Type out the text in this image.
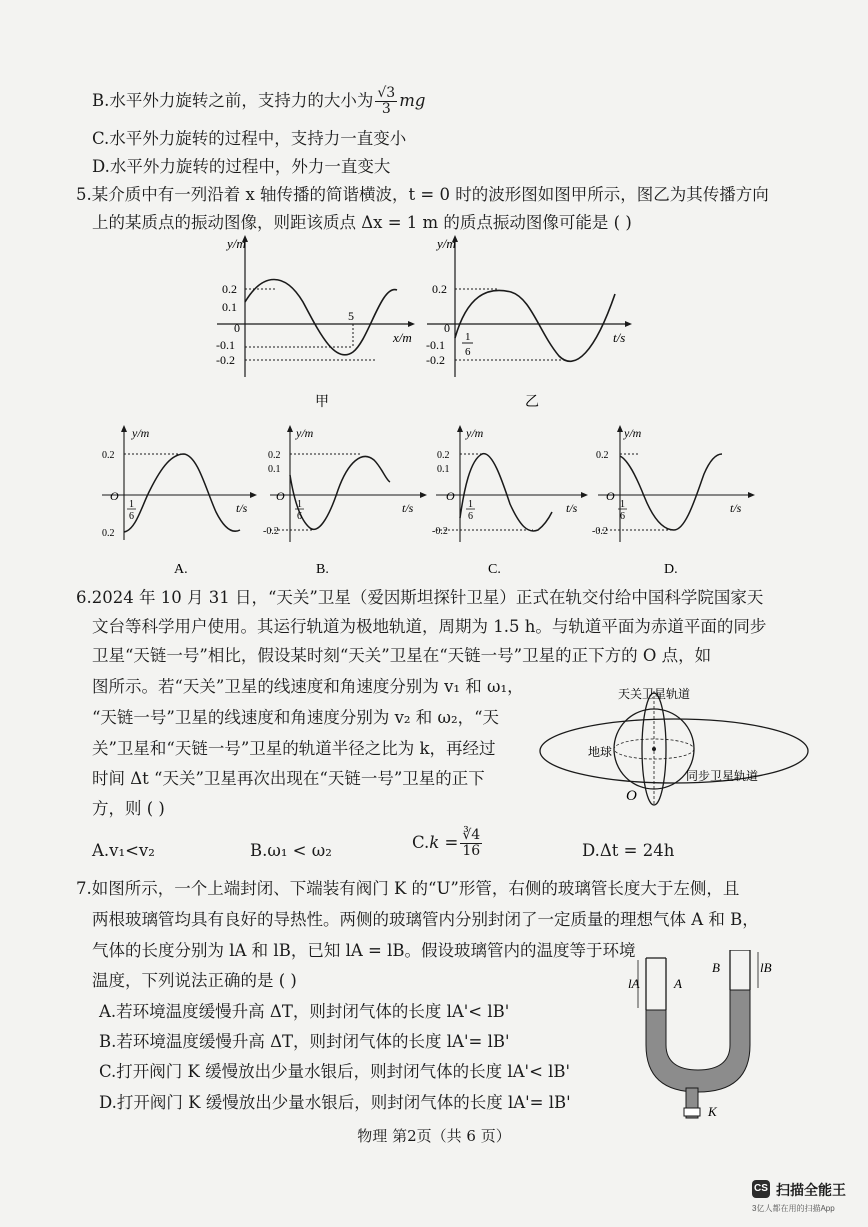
B.水平外力旋转之前，支持力的大小为 $\frac{√3}{3}$ mg
C.水平外力旋转的过程中，支持力一直变小
D.水平外力旋转的过程中，外力一直变大
5.某介质中有一列沿着 x 轴传播的简谐横波，t = 0 时的波形图如图甲所示，图乙为其传播方向
上的某质点的振动图像，则距该质点 Δx = 1 m 的质点振动图像可能是 ( )
y/m
x/m
0.2
0.1
0
-0.1
-0.2
5
甲
y/m
t/s
0.2
0
-0.1
-0.2
1
6
乙
y/m
t/s
0.2
0.2
O
1
6
A.
y/m
t/s
0.2
0.1
-0.2
O
1
6
B.
y/m
t/s
0.2
0.1
-0.2
O
1
6
C.
y/m
t/s
0.2
-0.2
O
1
6
D.
6.2024 年 10 月 31 日，“天关”卫星（爱因斯坦探针卫星）正式在轨交付给中国科学院国家天
文台等科学用户使用。其运行轨道为极地轨道，周期为 1.5 h。与轨道平面为赤道平面的同步
卫星“天链一号”相比，假设某时刻“天关”卫星在“天链一号”卫星的正下方的 O 点，如
图所示。若“天关”卫星的线速度和角速度分别为 v₁ 和 ω₁，
“天链一号”卫星的线速度和角速度分别为 v₂ 和 ω₂，“天
关”卫星和“天链一号”卫星的轨道半径之比为 k，再经过
时间 Δt “天关”卫星再次出现在“天链一号”卫星的正下
方，则 ( )
天关卫星轨道
地球
同步卫星轨道
O
A.v₁<v₂	B.ω₁ < ω₂	$C.k = \frac{∛4}{16}$	D.Δt = 24h
7.如图所示，一个上端封闭、下端装有阀门 K 的“U”形管，右侧的玻璃管长度大于左侧，且
两根玻璃管均具有良好的导热性。两侧的玻璃管内分别封闭了一定质量的理想气体 A 和 B，
气体的长度分别为 lA 和 lB，已知 lA = lB。假设玻璃管内的温度等于环境
温度，下列说法正确的是 ( )
A.若环境温度缓慢升高 ΔT，则封闭气体的长度 lA'< lB'
B.若环境温度缓慢升高 ΔT，则封闭气体的长度 lA'= lB'
C.打开阀门 K 缓慢放出少量水银后，则封闭气体的长度 lA'< lB'
D.打开阀门 K 缓慢放出少量水银后，则封闭气体的长度 lA'= lB'
lA	A
B	lB
K
物理 第2页（共 6 页）
CS 扫描全能王
3亿人都在用的扫描App
